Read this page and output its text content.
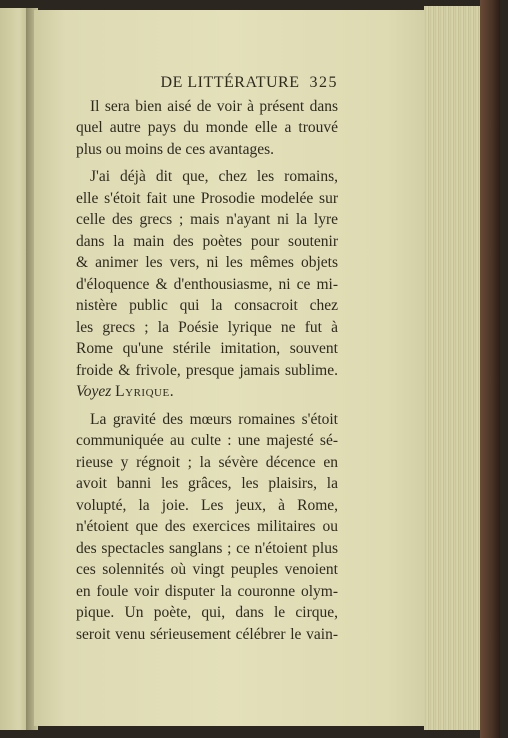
DE LITTÉRATURE 325
Il sera bien aisé de voir à présent dans
quel autre pays du monde elle a trouvé
plus ou moins de ces avantages.
J'ai déjà dit que, chez les romains,
elle s'étoit fait une Prosodie modelée sur
celle des grecs ; mais n'ayant ni la lyre
dans la main des poètes pour soutenir
& animer les vers, ni les mêmes objets
d'éloquence & d'enthousiasme, ni ce mi-
nistère public qui la consacroit chez
les grecs ; la Poésie lyrique ne fut à
Rome qu'une stérile imitation, souvent
froide & frivole, presque jamais sublime.
Voyez Lyrique.
La gravité des mœurs romaines s'étoit
communiquée au culte : une majesté sé-
rieuse y régnoit ; la sévère décence en
avoit banni les grâces, les plaisirs, la
volupté, la joie. Les jeux, à Rome,
n'étoient que des exercices militaires ou
des spectacles sanglans ; ce n'étoient plus
ces solennités où vingt peuples venoient
en foule voir disputer la couronne olym-
pique. Un poète, qui, dans le cirque,
seroit venu sérieusement célébrer le vain-
